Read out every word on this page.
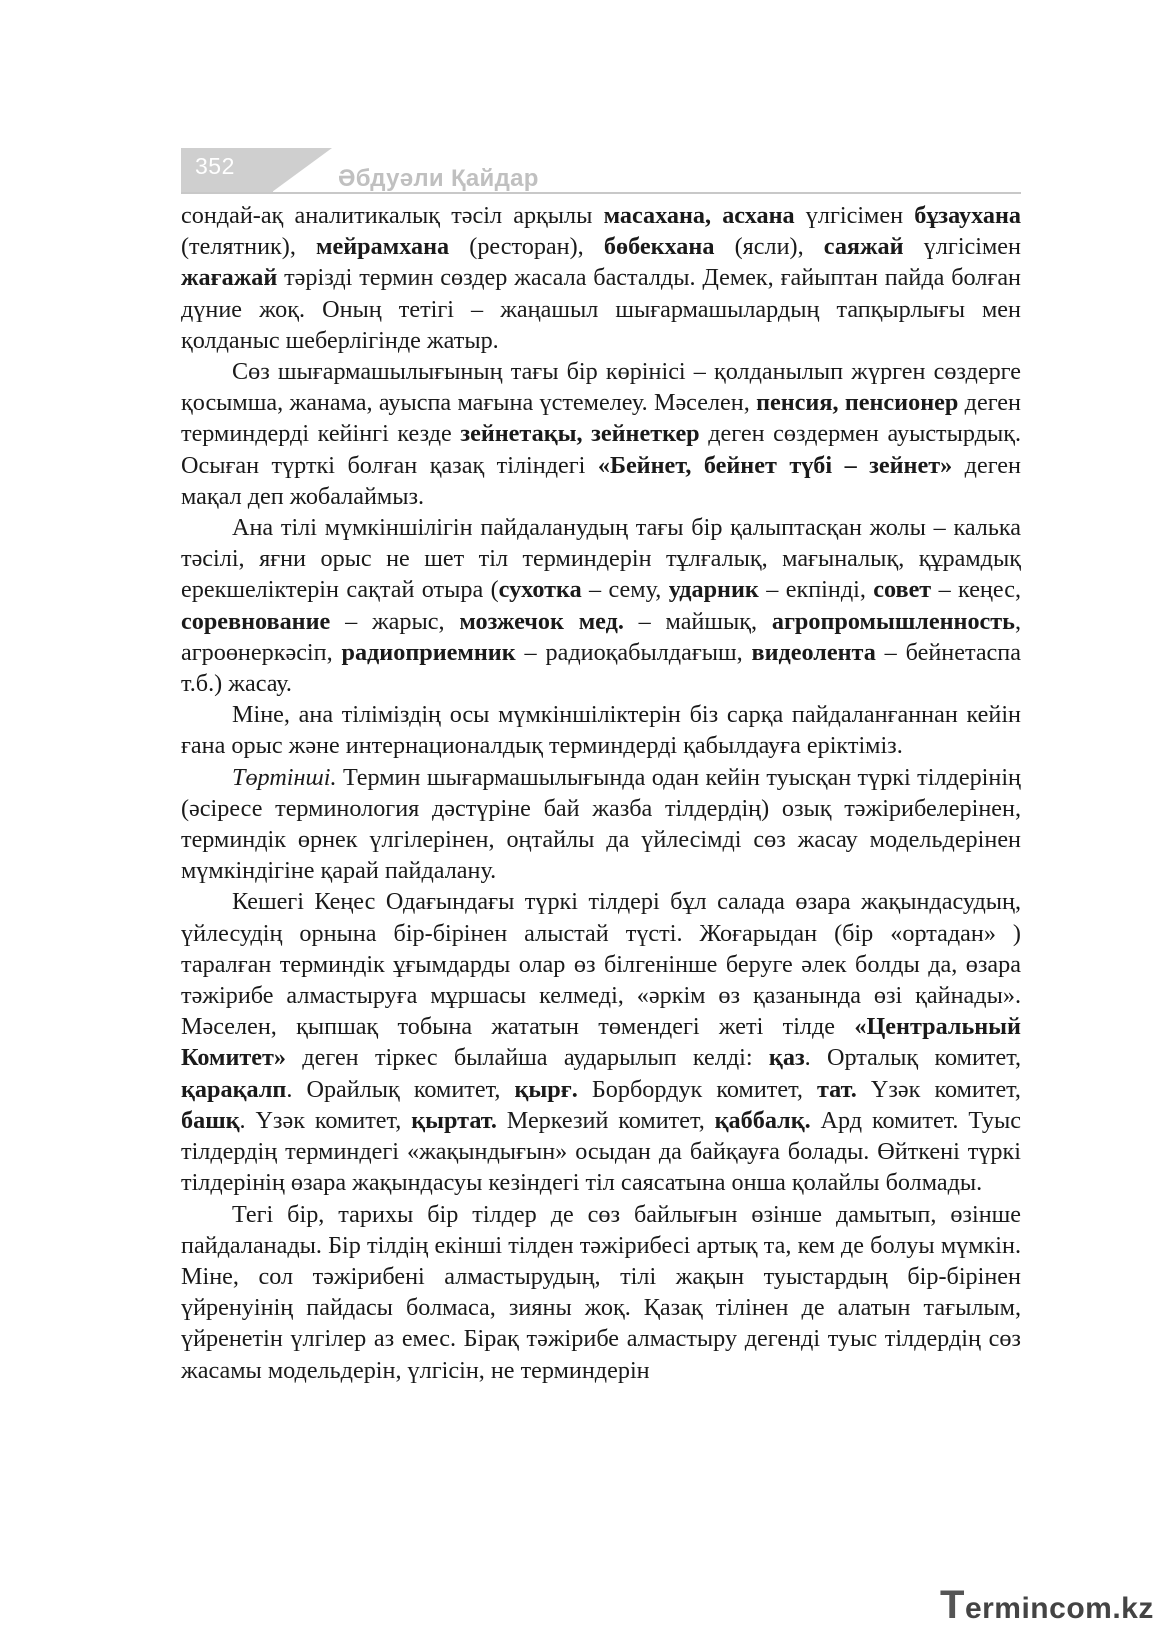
352	Әбдуәли Қайдар

сондай-ақ аналитикалық тәсіл арқылы масахана, асхана үлгісімен бұзаухана (телятник), мейрамхана (ресторан), бөбекхана (ясли), саяжай үлгісімен жағажай тәрізді термин сөздер жасала басталды. Демек, ғайыптан пайда болған дүние жоқ. Оның тетігі – жаңашыл шығармашылардың тапқырлығы мен қолданыс шеберлігінде жатыр.

Сөз шығармашылығының тағы бір көрінісі – қолданылып жүрген сөздерге қосымша, жанама, ауыспа мағына үстемелеу. Мәселен, пенсия, пенсионер деген терминдерді кейінгі кезде зейнетақы, зейнеткер деген сөздермен ауыстырдық. Осыған түрткі болған қазақ тіліндегі «Бейнет, бейнет түбі – зейнет» деген мақал деп жобалаймыз.

Ана тілі мүмкіншілігін пайдаланудың тағы бір қалыптасқан жолы – калька тәсілі, яғни орыс не шет тіл терминдерін тұлғалық, мағыналық, құрамдық ерекшеліктерін сақтай отыра (сухотка – сему, ударник – екпінді, совет – кеңес, соревнование – жарыс, мозжечок мед. – майшық, агропромышленность, агроөнеркәсіп, радиоприемник – радиоқабылдағыш, видеолента – бейнетаспа т.б.) жасау.

Міне, ана тіліміздің осы мүмкіншіліктерін біз сарқа пайдаланғаннан кейін ғана орыс және интернационалдық терминдерді қабылдауға еріктіміз.

Төртінші. Термин шығармашылығында одан кейін туысқан түркі тілдерінің (әсіресе терминология дәстүріне бай жазба тілдердің) озық тәжірибелерінен, терминдік өрнек үлгілерінен, оңтайлы да үйлесімді сөз жасау модельдерінен мүмкіндігіне қарай пайдалану.

Кешегі Кеңес Одағындағы түркі тілдері бұл салада өзара жақындасудың, үйлесудің орнына бір-бірінен алыстай түсті. Жоғарыдан (бір «ортадан» ) таралған терминдік ұғымдарды олар өз білгенінше беруге әлек болды да, өзара тәжірибе алмастыруға мұршасы келмеді, «әркім өз қазанында өзі қайнады». Мәселен, қыпшақ тобына жататын төмендегі жеті тілде «Центральный Комитет» деген тіркес былайша аударылып келді: қаз. Орталық комитет, қарақалп. Орайлық комитет, қырғ. Борбордук комитет, тат. Үзәк комитет, башқ. Үзәк комитет, қыртат. Меркезий комитет, қаббалқ. Ард комитет. Туыс тілдердің терминдегі «жақындығын» осыдан да байқауға болады. Өйткені түркі тілдерінің өзара жақындасуы кезіндегі тіл саясатына онша қолайлы болмады.

Тегі бір, тарихы бір тілдер де сөз байлығын өзінше дамытып, өзінше пайдаланады. Бір тілдің екінші тілден тәжірибесі артық та, кем де болуы мүмкін. Міне, сол тәжірибені алмастырудың, тілі жақын туыстардың бір-бірінен үйренуінің пайдасы болмаса, зияны жоқ. Қазақ тілінен де алатын тағылым, үйренетін үлгілер аз емес. Бірақ тәжірибе алмастыру дегенді туыс тілдердің сөз жасамы модельдерін, үлгісін, не терминдерін

Termincom.kz
